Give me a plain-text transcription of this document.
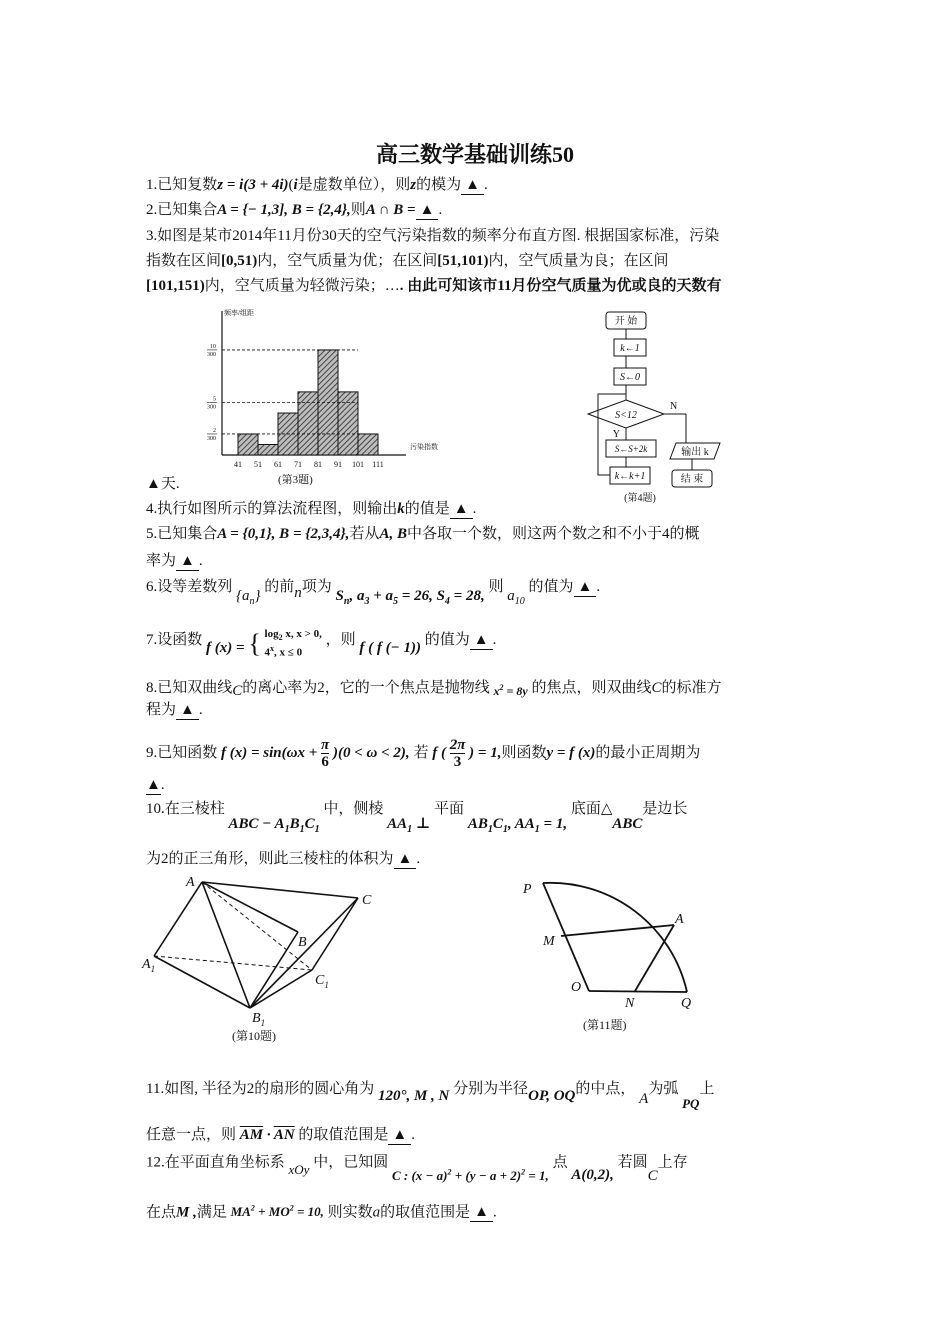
高三数学基础训练50
1.已知复数z = i(3 + 4i)(i是虚数单位），则z的模为 ▲ .
2.已知集合A = {− 1,3], B = {2,4},则A ∩ B = ▲ .
3.如图是某市2014年11月份30天的空气污染指数的频率分布直方图. 根据国家标准，污染
指数在区间[0,51)内，空气质量为优；在区间[51,101)内，空气质量为良；在区间
[101,151)内，空气质量为轻微污染；…. 由此可知该市11月份空气质量为优或良的天数有
▲天.
频率/组距
10
300
5
300
2
300
41 51 61 71 81 91 101 111
污染指数
(第3题)
开 始
k←1
S←0
S<12
N
Y
S←S+2k
k←k+1
输出 k
结 束
(第4题)
4.执行如图所示的算法流程图，则输出k的值是 ▲ .
5.已知集合A = {0,1}, B = {2,3,4},若从A, B中各取一个数，则这两个数之和不小于4的概
率为 ▲ .
6.设等差数列 $\{a_n\}$ 的前n项为 $S_n$, $a_3 + a_5 = 26$, $S_4 = 28$, 则 $a_{10}$ 的值为 ▲ .
7.设函数 f (x) = { $\log_2 x$, x > 0,
4$^x$, x ≤ 0 ，则 f ( f (− 1)) 的值为 ▲ .
8.已知双曲线C的离心率为2，它的一个焦点是抛物线 $_{x^2 = 8y}$ 的焦点，则双曲线C的标准方
程为 ▲ .
9.已知函数 f $(x) = \sin(\omega x + \frac{\pi}{6} )(0 < \omega < 2)$, 若 f ( $\frac{2\pi}{3}$ ) = 1,则函数y = f (x)的最小正周期为
▲.
10.在三棱柱 ABC − $A_1B_1C_1$ 中，侧棱 $AA_1$ ⊥ 平面 $AB_1C_1$, $AA_1 = 1$, 底面△ABC是边长
为2的正三角形，则此三棱柱的体积为 ▲ .
A
C
B
$A_1$
$C_1$
$B_1$
(第10题)
P
A
M
O
N	Q
(第11题)
11.如图, 半径为2的扇形的圆心角为 120°, M , N 分别为半径OP, OQ的中点， A为弧 PQ上
任意一点，则 $\overline{AM} \cdot \overline{AN}$ 的取值范围是 ▲ .
12.在平面直角坐标系 xOy 中，已知圆 C : $(x - a)^2 + (y - a + 2)^2 = 1$, 点 A(0,2), 若圆C上存
在点M ,满足 $MA^2 + MO^2 = 10$, 则实数a的取值范围是 ▲ .
